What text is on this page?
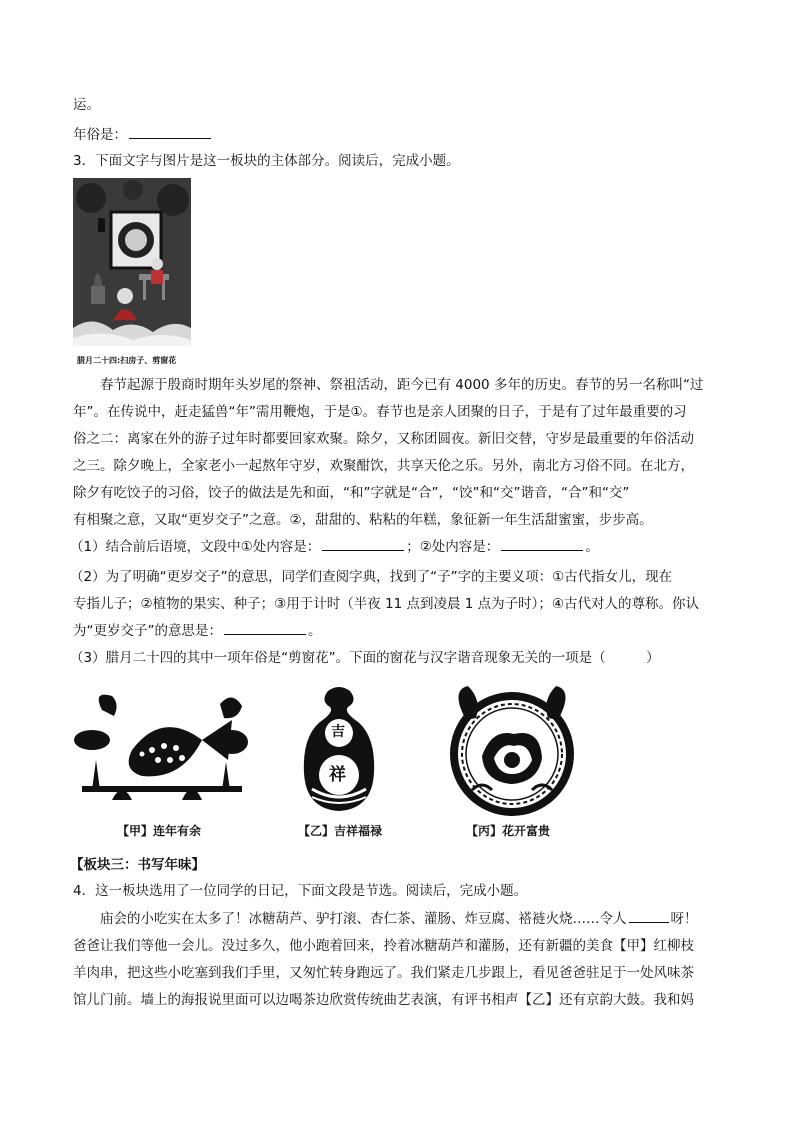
运。
年俗是：
3．下面文字与图片是这一板块的主体部分。阅读后，完成小题。
腊月二十四:扫房子、剪窗花
春节起源于殷商时期年头岁尾的祭神、祭祖活动，距今已有 4000 多年的历史。春节的另一名称叫“过
年”。在传说中，赶走猛兽“年”需用鞭炮，于是①。春节也是亲人团聚的日子，于是有了过年最重要的习
俗之二：离家在外的游子过年时都要回家欢聚。除夕，又称团圆夜。新旧交替，守岁是最重要的年俗活动
之三。除夕晚上，全家老小一起熬年守岁，欢聚酣饮，共享天伦之乐。另外，南北方习俗不同。在北方，
除夕有吃饺子的习俗，饺子的做法是先和面，“和”字就是“合”，“饺”和“交”谐音，“合”和“交”
有相聚之意，又取“更岁交子”之意。②，甜甜的、粘粘的年糕，象征新一年生活甜蜜蜜，步步高。
（1）结合前后语境，文段中①处内容是：	；②处内容是：	。
（2）为了明确“更岁交子”的意思，同学们查阅字典，找到了“子”字的主要义项：①古代指女儿，现在
专指儿子；②植物的果实、种子；③用于计时（半夜 11 点到凌晨 1 点为子时）；④古代对人的尊称。你认
为“更岁交子”的意思是：	。
（3）腊月二十四的其中一项年俗是“剪窗花”。下面的窗花与汉字谐音现象无关的一项是（　　　）
吉
祥
【甲】连年有余	【乙】吉祥福禄	【丙】花开富贵
【板块三：书写年味】
4．这一板块选用了一位同学的日记，下面文段是节选。阅读后，完成小题。
庙会的小吃实在太多了！冰糖葫芦、驴打滚、杏仁茶、灌肠、炸豆腐、褡裢火烧……令人	呀！
爸爸让我们等他一会儿。没过多久，他小跑着回来，拎着冰糖葫芦和灌肠，还有新疆的美食【甲】红柳枝
羊肉串，把这些小吃塞到我们手里，又匆忙转身跑远了。我们紧走几步跟上，看见爸爸驻足于一处风味茶
馆儿门前。墙上的海报说里面可以边喝茶边欣赏传统曲艺表演，有评书相声【乙】还有京韵大鼓。我和妈
